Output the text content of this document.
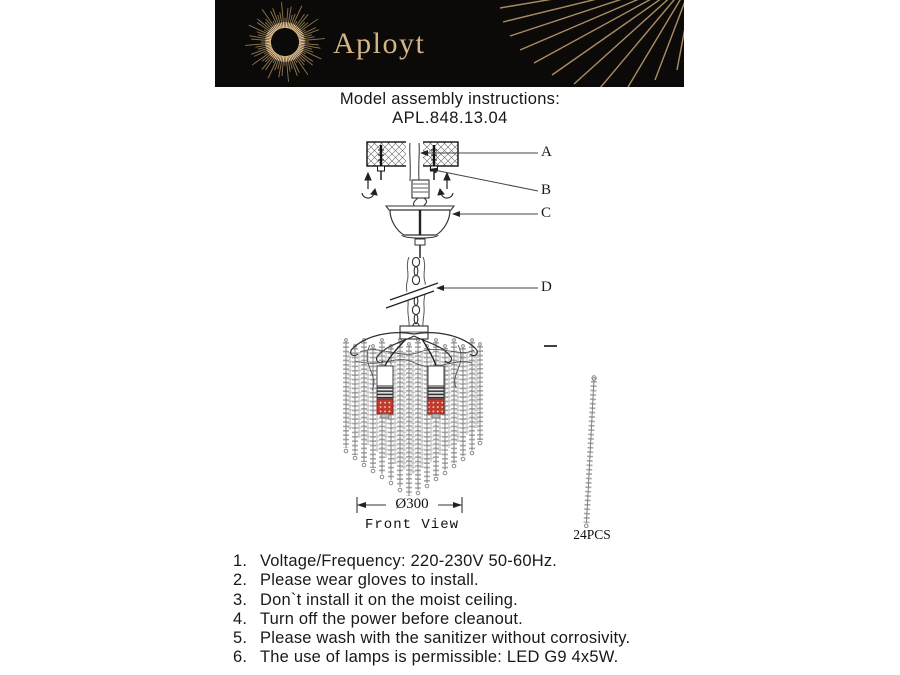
Aployt
Model assembly instructions:
APL.848.13.04
A
B
C
D
Ø300
Front View
24PCS
1. Voltage/Frequency: 220-230V 50-60Hz.
2. Please wear gloves to install.
3. Don`t install it on the moist ceiling.
4. Turn off the power before cleanout.
5. Please wash with the sanitizer without corrosivity.
6. The use of lamps is permissible: LED G9 4x5W.
